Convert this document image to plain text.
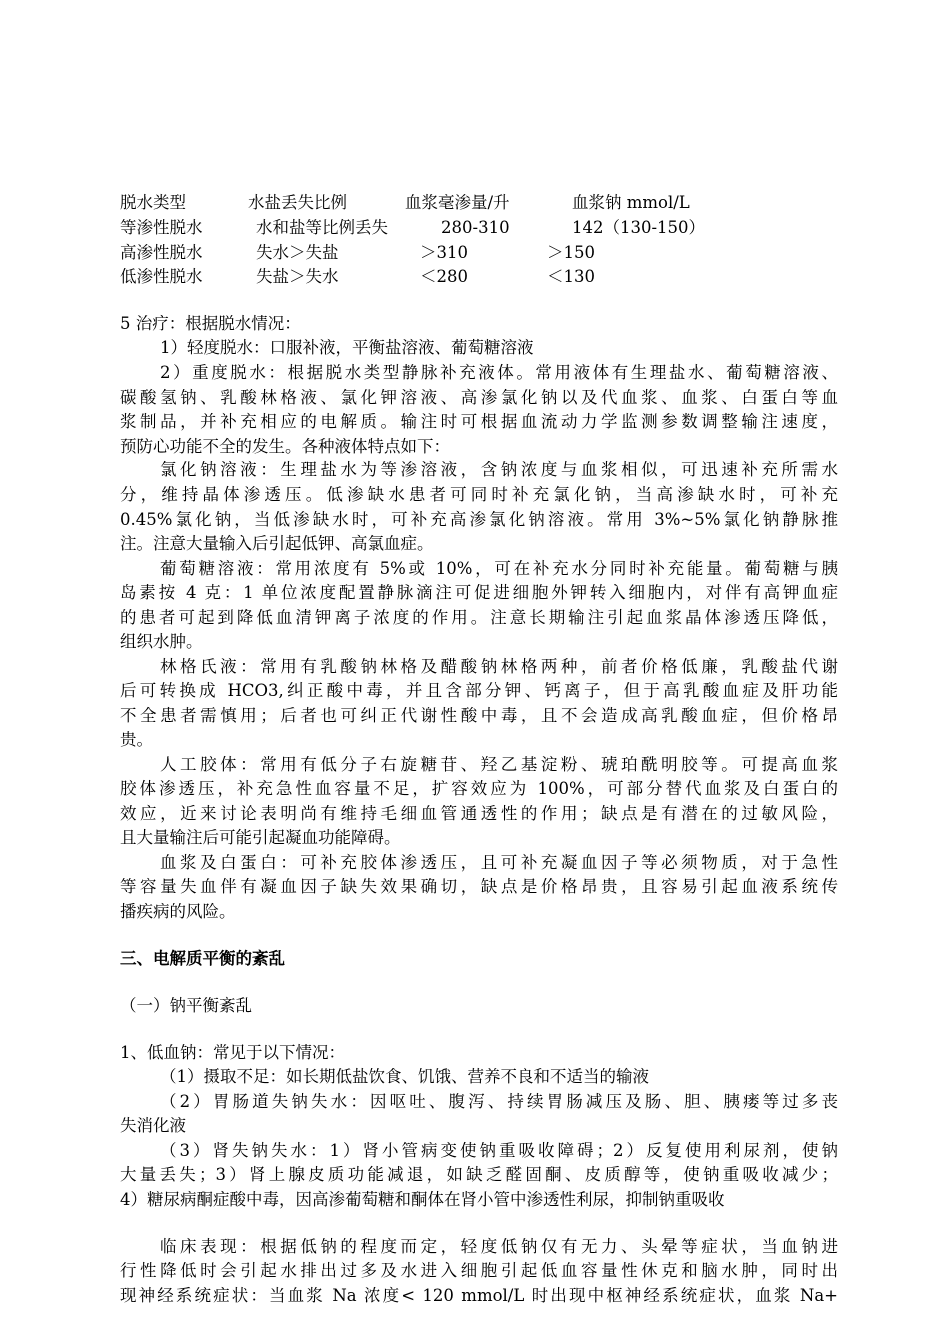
脱水类型	水盐丢失比例	血浆毫渗量/升	血浆钠 mmol/L
等渗性脱水	水和盐等比例丢失	280-310	142（130-150）
高渗性脱水	失水＞失盐	＞310	＞150
低渗性脱水	失盐＞失水	＜280	＜130
5 治疗：根据脱水情况：
1）轻度脱水：口服补液，平衡盐溶液、葡萄糖溶液
2）重度脱水：根据脱水类型静脉补充液体。常用液体有生理盐水、葡萄糖溶液、
碳酸氢钠、乳酸林格液、氯化钾溶液、高渗氯化钠以及代血浆、血浆、白蛋白等血
浆制品，并补充相应的电解质。输注时可根据血流动力学监测参数调整输注速度，
预防心功能不全的发生。各种液体特点如下：
氯化钠溶液：生理盐水为等渗溶液，含钠浓度与血浆相似，可迅速补充所需水
分，维持晶体渗透压。低渗缺水患者可同时补充氯化钠，当高渗缺水时，可补充
0.45%氯化钠，当低渗缺水时，可补充高渗氯化钠溶液。常用 3%~5%氯化钠静脉推
注。注意大量输入后引起低钾、高氯血症。
葡萄糖溶液：常用浓度有 5%或 10%，可在补充水分同时补充能量。葡萄糖与胰
岛素按 4 克：1 单位浓度配置静脉滴注可促进细胞外钾转入细胞内，对伴有高钾血症
的患者可起到降低血清钾离子浓度的作用。注意长期输注引起血浆晶体渗透压降低，
组织水肿。
林格氏液：常用有乳酸钠林格及醋酸钠林格两种，前者价格低廉，乳酸盐代谢
后可转换成 HCO3,纠正酸中毒，并且含部分钾、钙离子，但于高乳酸血症及肝功能
不全患者需慎用；后者也可纠正代谢性酸中毒，且不会造成高乳酸血症，但价格昂
贵。
人工胶体：常用有低分子右旋糖苷、羟乙基淀粉、琥珀酰明胶等。可提高血浆
胶体渗透压，补充急性血容量不足，扩容效应为 100%，可部分替代血浆及白蛋白的
效应，近来讨论表明尚有维持毛细血管通透性的作用；缺点是有潜在的过敏风险，
且大量输注后可能引起凝血功能障碍。
血浆及白蛋白：可补充胶体渗透压，且可补充凝血因子等必须物质，对于急性
等容量失血伴有凝血因子缺失效果确切，缺点是价格昂贵，且容易引起血液系统传
播疾病的风险。
三、电解质平衡的紊乱
（一）钠平衡紊乱
1、低血钠：常见于以下情况：
（1）摄取不足：如长期低盐饮食、饥饿、营养不良和不适当的输液
（2）胃肠道失钠失水：因呕吐、腹泻、持续胃肠减压及肠、胆、胰瘘等过多丧
失消化液
（3）肾失钠失水：1）肾小管病变使钠重吸收障碍；2）反复使用利尿剂，使钠
大量丢失；3）肾上腺皮质功能减退，如缺乏醛固酮、皮质醇等，使钠重吸收减少；
4）糖尿病酮症酸中毒，因高渗葡萄糖和酮体在肾小管中渗透性利尿，抑制钠重吸收
临床表现：根据低钠的程度而定，轻度低钠仅有无力、头晕等症状，当血钠进
行性降低时会引起水排出过多及水进入细胞引起低血容量性休克和脑水肿，同时出
现神经系统症状：当血浆 Na 浓度< 120 mmol/L 时出现中枢神经系统症状，血浆 Na+
